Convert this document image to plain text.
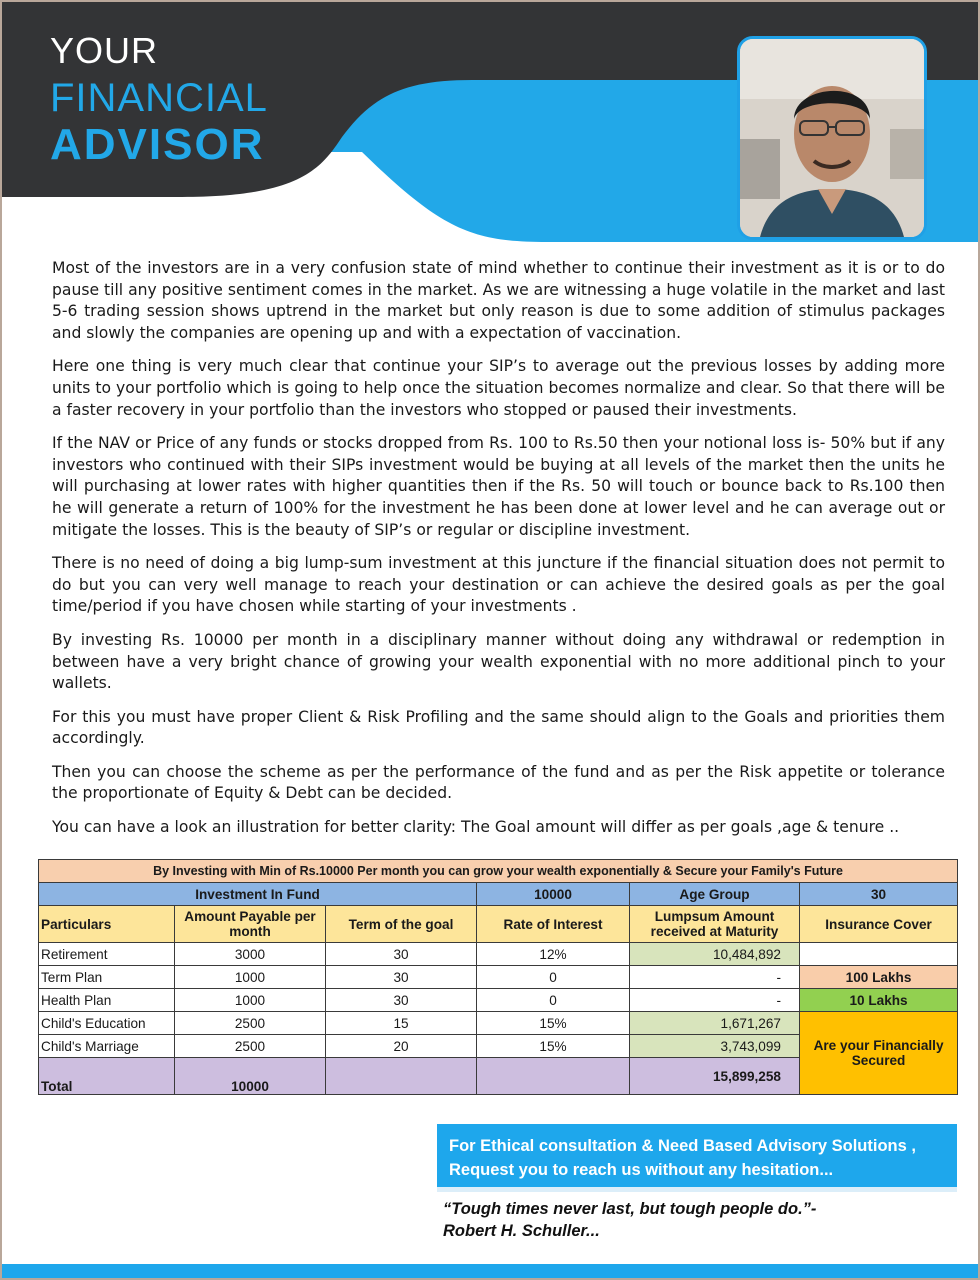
YOUR
FINANCIAL
ADVISOR

Most of the investors are in a very confusion state of mind whether to continue their investment as it is or to do pause till any positive sentiment comes in the market. As we are witnessing a huge volatile in the market and last 5-6 trading session shows uptrend in the market but only reason is due to some addition of stimulus packages and slowly the companies are opening up and with a expectation of vaccination.

Here one thing is very much clear that continue your SIP’s to average out the previous losses by adding more units to your portfolio which is going to help once the situation becomes normalize and clear. So that there will be a faster recovery in your portfolio than the investors who stopped or paused their investments.

If the NAV or Price of any funds or stocks dropped from Rs. 100 to Rs.50 then your notional loss is- 50% but if any investors who continued with their SIPs investment would be buying at all levels of the market then the units he will purchasing at lower rates with higher quantities then if the Rs. 50 will touch or bounce back to Rs.100 then he will generate a return of 100% for the investment he has been done at lower level and he can average out or mitigate the losses. This is the beauty of SIP’s or regular or discipline investment.

There is no need of doing a big lump-sum investment at this juncture if the financial situation does not permit to do but you can very well manage to reach your destination or can achieve the desired goals as per the goal time/period if you have chosen while starting of your investments .

By investing Rs. 10000 per month in a disciplinary manner without doing any withdrawal or redemption in between have a very bright chance of growing your wealth exponential with no more additional pinch to your wallets.

For this you must have proper Client & Risk Profiling and the same should align to the Goals and priorities them accordingly.

Then you can choose the scheme as per the performance of the fund and as per the Risk appetite or tolerance the proportionate of Equity & Debt can be decided.

You can have a look an illustration for better clarity: The Goal amount will differ as per goals ,age & tenure ..

By Investing with Min of Rs.10000 Per month you can grow your wealth exponentially & Secure your Family's Future					
Investment In Fund			10000	Age Group	30
Particulars	Amount Payable per month	Term of the goal	Rate of Interest	Lumpsum Amount received at Maturity	Insurance Cover
Retirement	3000	30	12%	10,484,892	
Term Plan	1000	30	0	-	100 Lakhs
Health Plan	1000	30	0	-	10 Lakhs
Child's Education	2500	15	15%	1,671,267	Are your Financially Secured
Child's Marriage	2500	20	15%	3,743,099	
Total	10000			15,899,258	
For Ethical consultation & Need Based Advisory Solutions ,
Request you to reach us without any hesitation...
“Tough times never last, but tough people do.”-
Robert H. Schuller...
